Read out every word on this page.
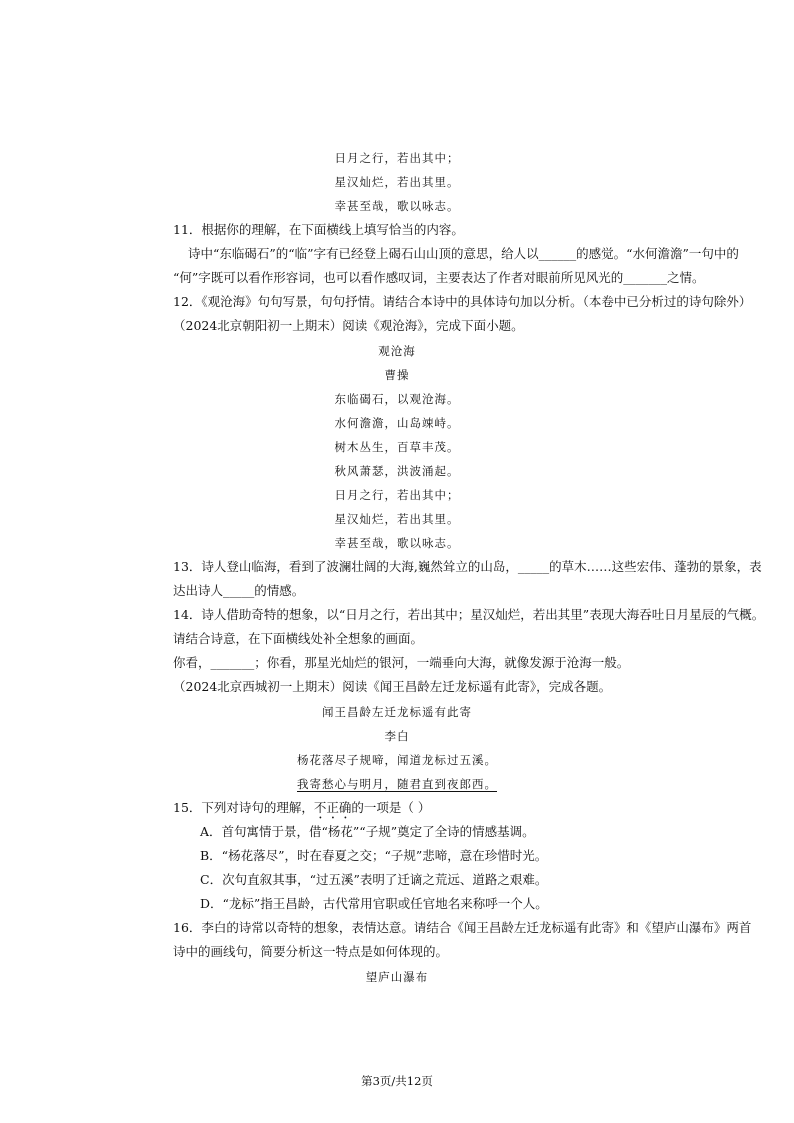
日月之行，若出其中；
星汉灿烂，若出其里。
幸甚至哉，歌以咏志。
11．根据你的理解，在下面横线上填写恰当的内容。
诗中“东临碣石”的“临”字有已经登上碣石山山顶的意思，给人以______的感觉。“水何澹澹”一句中的
“何”字既可以看作形容词，也可以看作感叹词，主要表达了作者对眼前所见风光的_______之情。
12．《观沧海》句句写景，句句抒情。请结合本诗中的具体诗句加以分析。（本卷中已分析过的诗句除外）
（2024北京朝阳初一上期末）阅读《观沧海》，完成下面小题。
观沧海
曹操
东临碣石，以观沧海。
水何澹澹，山岛竦峙。
树木丛生，百草丰茂。
秋风萧瑟，洪波涌起。
日月之行，若出其中；
星汉灿烂，若出其里。
幸甚至哉，歌以咏志。
13．诗人登山临海，看到了波澜壮阔的大海,巍然耸立的山岛，_____的草木……这些宏伟、蓬勃的景象，表
达出诗人_____的情感。
14．诗人借助奇特的想象，以“日月之行，若出其中；星汉灿烂，若出其里”表现大海吞吐日月星辰的气概。
请结合诗意，在下面横线处补全想象的画面。
你看，_______；你看，那星光灿烂的银河，一端垂向大海，就像发源于沧海一般。
（2024北京西城初一上期末）阅读《闻王昌龄左迁龙标遥有此寄》，完成各题。
闻王昌龄左迁龙标遥有此寄
李白
杨花落尽子规啼，闻道龙标过五溪。
我寄愁心与明月，随君直到夜郎西。
15．下列对诗句的理解，不正确的一项是（ ）
A．首句寓情于景，借“杨花”“子规”奠定了全诗的情感基调。
B．“杨花落尽”，时在春夏之交；“子规”悲啼，意在珍惜时光。
C．次句直叙其事，“过五溪”表明了迁谪之荒远、道路之艰难。
D．“龙标”指王昌龄，古代常用官职或任官地名来称呼一个人。
16．李白的诗常以奇特的想象，表情达意。请结合《闻王昌龄左迁龙标遥有此寄》和《望庐山瀑布》两首
诗中的画线句，简要分析这一特点是如何体现的。
望庐山瀑布
第3页/共12页
